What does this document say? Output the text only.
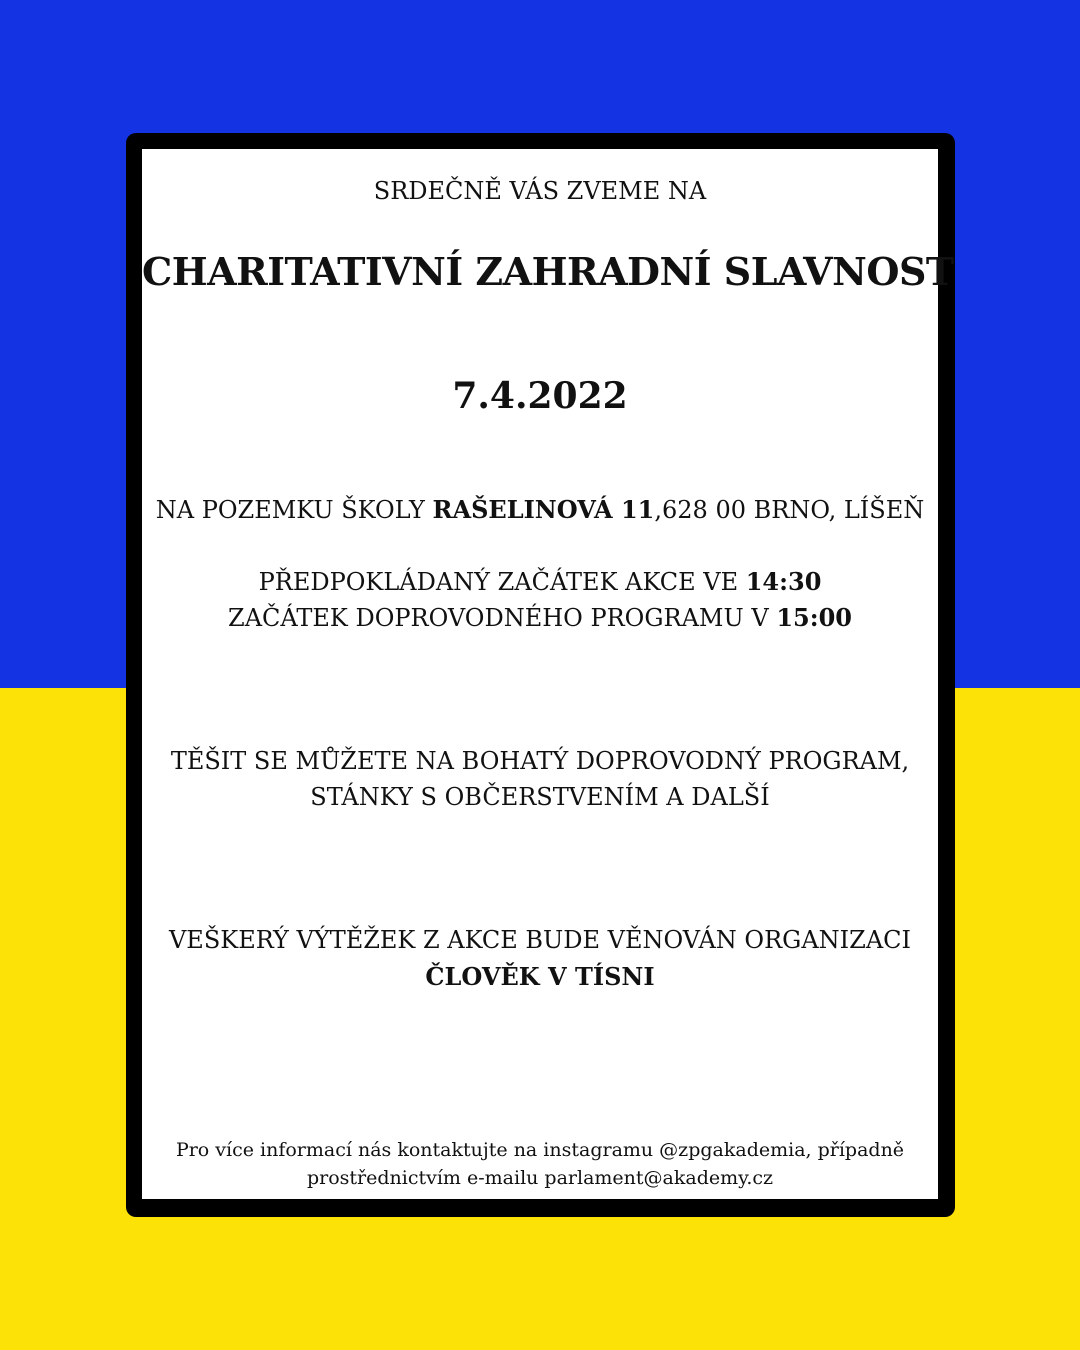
SRDEČNĚ VÁS ZVEME NA
CHARITATIVNÍ ZAHRADNÍ SLAVNOST
7.4.2022
NA POZEMKU ŠKOLY RAŠELINOVÁ 11,628 00 BRNO, LÍŠEŇ
PŘEDPOKLÁDANÝ ZAČÁTEK AKCE VE 14:30
ZAČÁTEK DOPROVODNÉHO PROGRAMU V 15:00
TĚŠIT SE MŮŽETE NA BOHATÝ DOPROVODNÝ PROGRAM,
STÁNKY S OBČERSTVENÍM A DALŠÍ
VEŠKERÝ VÝTĚŽEK Z AKCE BUDE VĚNOVÁN ORGANIZACI
ČLOVĚK V TÍSNI
Pro více informací nás kontaktujte na instagramu @zpgakademia, případně
prostřednictvím e-mailu parlament@akademy.cz
